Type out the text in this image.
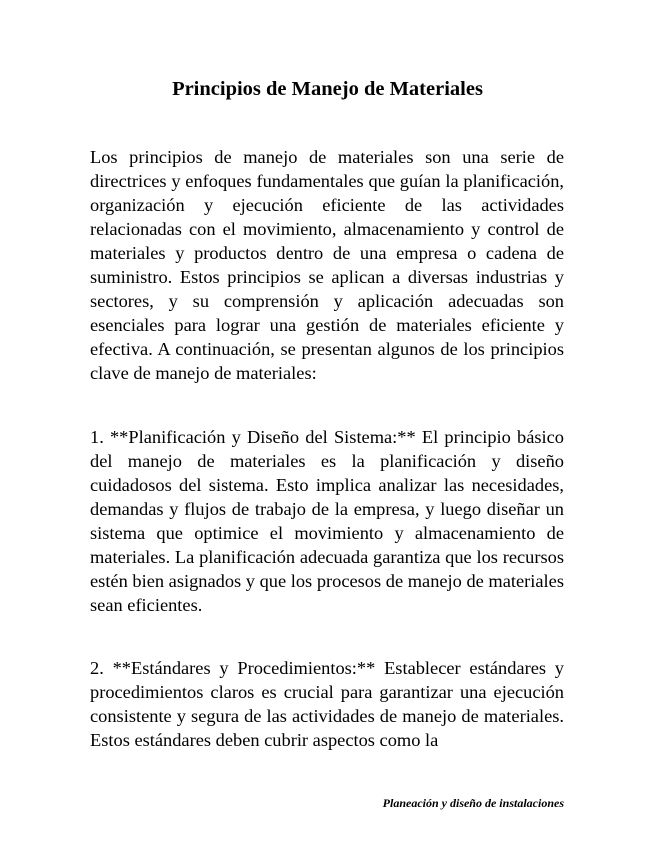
Principios de Manejo de Materiales

Los principios de manejo de materiales son una serie de directrices y enfoques fundamentales que guían la planificación, organización y ejecución eficiente de las actividades relacionadas con el movimiento, almacenamiento y control de materiales y productos dentro de una empresa o cadena de suministro. Estos principios se aplican a diversas industrias y sectores, y su comprensión y aplicación adecuadas son esenciales para lograr una gestión de materiales eficiente y efectiva. A continuación, se presentan algunos de los principios clave de manejo de materiales:

1. **Planificación y Diseño del Sistema:** El principio básico del manejo de materiales es la planificación y diseño cuidadosos del sistema. Esto implica analizar las necesidades, demandas y flujos de trabajo de la empresa, y luego diseñar un sistema que optimice el movimiento y almacenamiento de materiales. La planificación adecuada garantiza que los recursos estén bien asignados y que los procesos de manejo de materiales sean eficientes.

2. **Estándares y Procedimientos:** Establecer estándares y procedimientos claros es crucial para garantizar una ejecución consistente y segura de las actividades de manejo de materiales. Estos estándares deben cubrir aspectos como la

Planeación y diseño de instalaciones
